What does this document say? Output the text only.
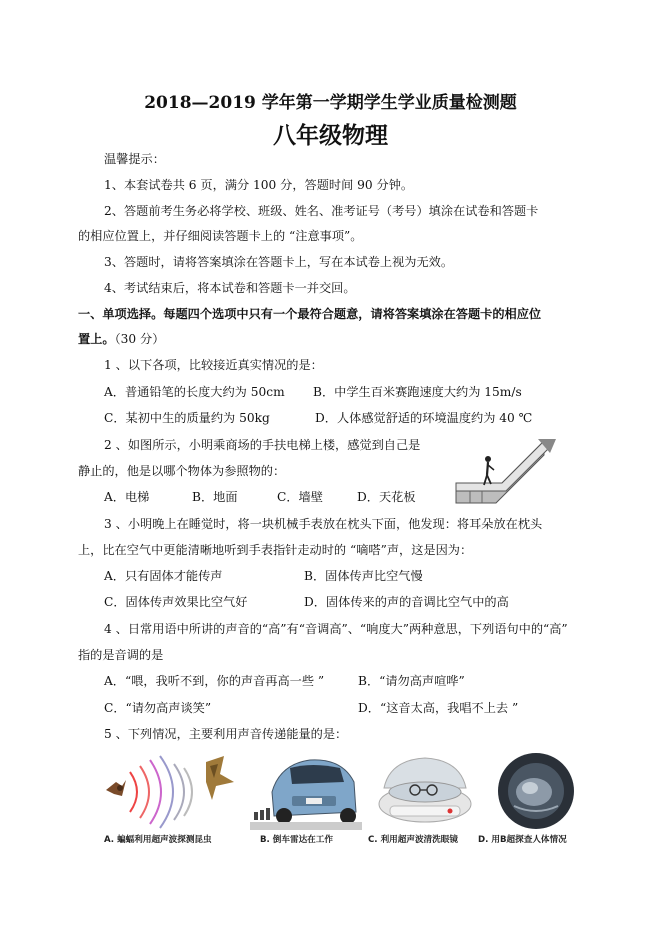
2018—2019 学年第一学期学生学业质量检测题
八年级物理
温馨提示：
1、本套试卷共 6 页，满分 100 分，答题时间 90 分钟。
2、答题前考生务必将学校、班级、姓名、准考证号（考号）填涂在试卷和答题卡
的相应位置上，并仔细阅读答题卡上的 “注意事项”。
3、答题时，请将答案填涂在答题卡上，写在本试卷上视为无效。
4、考试结束后，将本试卷和答题卡一并交回。
一、单项选择。每题四个选项中只有一个最符合题意，请将答案填涂在答题卡的相应位
置上。（30 分）
1 、以下各项，比较接近真实情况的是：
A．普通铅笔的长度大约为 50cm B．中学生百米赛跑速度大约为 15m/s
C．某初中生的质量约为 50kg	D．人体感觉舒适的环境温度约为 40 ℃
2 、如图所示，小明乘商场的手扶电梯上楼，感觉到自己是
静止的，他是以哪个物体为参照物的：
A．电梯	B．地面	C．墙壁	D．天花板
3 、小明晚上在睡觉时，将一块机械手表放在枕头下面，他发现：将耳朵放在枕头
上，比在空气中更能清晰地听到手表指针走动时的 “嘀嗒”声，这是因为：
A．只有固体才能传声	B．固体传声比空气慢
C．固体传声效果比空气好	D．固体传来的声的音调比空气中的高
4 、日常用语中所讲的声音的“高”有“音调高”、“响度大”两种意思，下列语句中的“高”
指的是音调的是
A．“喂，我听不到，你的声音再高一些 ”	B．“请勿高声喧哗”
C．“请勿高声谈笑”	D．“这音太高，我唱不上去 ”
5 、下列情况，主要利用声音传递能量的是：
A. 蝙蝠利用超声波探测昆虫	B. 倒车雷达在工作	C. 利用超声波清洗眼镜 D. 用B超探查人体情况
